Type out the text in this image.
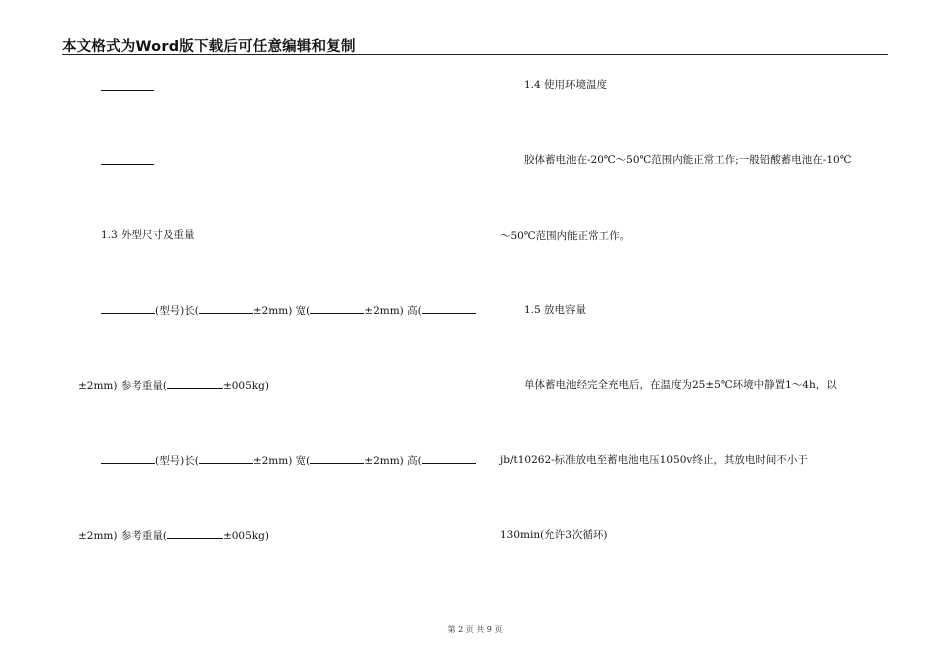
本文格式为Word版下载后可任意编辑和复制
1.3 外型尺寸及重量
(型号)长(	±2mm) 宽(	±2mm) 高(
±2mm) 参考重量(	±005kg)
(型号)长(	±2mm) 宽(	±2mm) 高(
±2mm) 参考重量(	±005kg)
1.4 使用环境温度
胶体蓄电池在-20℃～50℃范围内能正常工作;一般铅酸蓄电池在-10℃
～50℃范围内能正常工作。
1.5 放电容量
单体蓄电池经完全充电后，在温度为25±5℃环境中静置1～4h，以
jb/t10262-标准放电至蓄电池电压1050v终止，其放电时间不小于
130min(允许3次循环)
第 2 页 共 9 页
